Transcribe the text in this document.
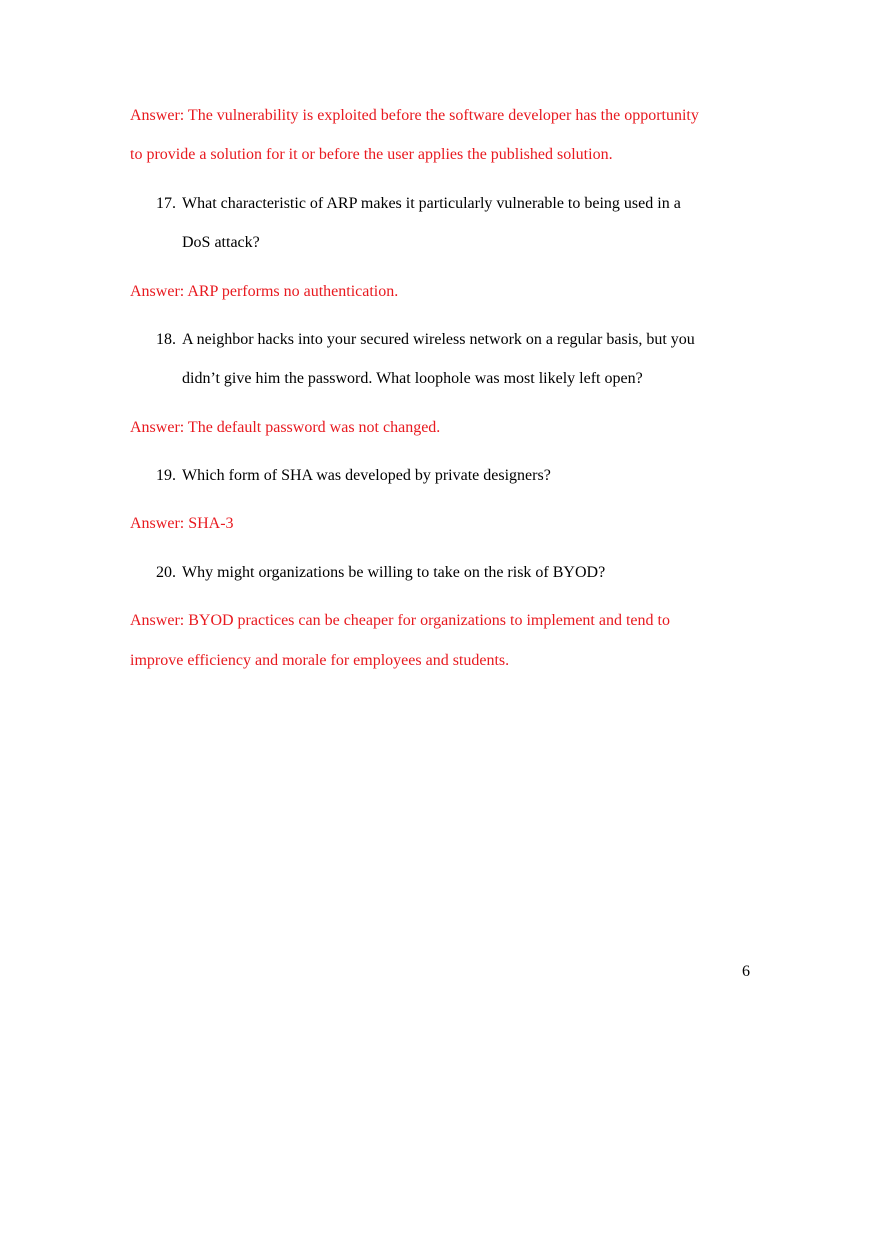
Answer: The vulnerability is exploited before the software developer has the opportunity
to provide a solution for it or before the user applies the published solution.
17. What characteristic of ARP makes it particularly vulnerable to being used in a
DoS attack?
Answer: ARP performs no authentication.
18. A neighbor hacks into your secured wireless network on a regular basis, but you
didn’t give him the password. What loophole was most likely left open?
Answer: The default password was not changed.
19. Which form of SHA was developed by private designers?
Answer: SHA-3
20. Why might organizations be willing to take on the risk of BYOD?
Answer: BYOD practices can be cheaper for organizations to implement and tend to
improve efficiency and morale for employees and students.
6
